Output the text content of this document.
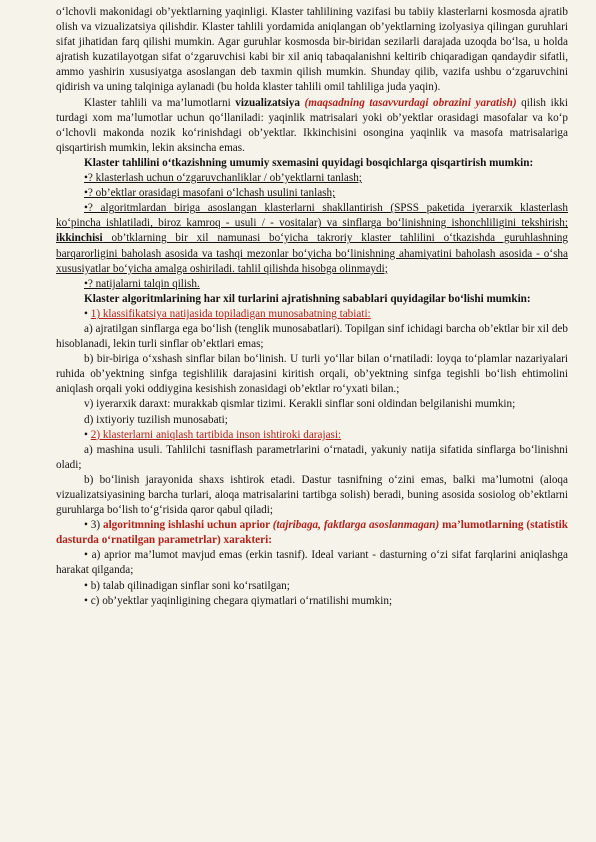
o‘lchovli makonidagi ob’yektlarning yaqinligi. Klaster tahlilining vazifasi bu tabiiy klasterlarni kosmosda ajratib olish va vizualizatsiya qilishdir. Klaster tahlili yordamida aniqlangan ob’yektlarning izolyasiya qilingan guruhlari sifat jihatidan farq qilishi mumkin. Agar guruhlar kosmosda bir-biridan sezilarli darajada uzoqda bo‘lsa, u holda ajratish kuzatilayotgan sifat o‘zgaruvchisi kabi bir xil aniq tabaqalanishni keltirib chiqaradigan qandaydir sifatli, ammo yashirin xususiyatga asoslangan deb taxmin qilish mumkin. Shunday qilib, vazifa ushbu o‘zgaruvchini qidirish va uning talqiniga aylanadi (bu holda klaster tahlili omil tahliliga juda yaqin).

Klaster tahlili va ma’lumotlarni vizualizatsiya (maqsadning tasavvurdagi obrazini yaratish) qilish ikki turdagi xom ma’lumotlar uchun qo‘llaniladi: yaqinlik matrisalari yoki ob’yektlar orasidagi masofalar va ko‘p o‘lchovli makonda nozik ko‘rinishdagi ob’yektlar. Ikkinchisini osongina yaqinlik va masofa matrisalariga qisqartirish mumkin, lekin aksincha emas.

Klaster tahlilini o‘tkazishning umumiy sxemasini quyidagi bosqichlarga qisqartirish mumkin:

•? klasterlash uchun o‘zgaruvchanliklar / ob’yektlarni tanlash;

•? ob’ektlar orasidagi masofani o‘lchash usulini tanlash;

•? algoritmlardan biriga asoslangan klasterlarni shakllantirish (SPSS paketida iyerarxik klasterlash ko‘pincha ishlatiladi, biroz kamroq - usuli / - vositalar) va sinflarga bo‘linishning ishonchliligini tekshirish; ikkinchisi ob’tklarning bir xil namunasi bo‘yicha takroriy klaster tahlilini o‘tkazishda guruhlashning barqarorligini baholash asosida va tashqi mezonlar bo‘yicha bo‘linishning ahamiyatini baholash asosida - o‘sha xususiyatlar bo‘yicha amalga oshiriladi. tahlil qilishda hisobga olinmaydi;

•? natijalarni talqin qilish.

Klaster algoritmlarining har xil turlarini ajratishning sabablari quyidagilar bo‘lishi mumkin:

• 1) klassifikatsiya natijasida topiladigan munosabatning tabiati:

a) ajratilgan sinflarga ega bo‘lish (tenglik munosabatlari). Topilgan sinf ichidagi barcha ob’ektlar bir xil deb hisoblanadi, lekin turli sinflar ob’ektlari emas;

b) bir-biriga o‘xshash sinflar bilan bo‘linish. U turli yo‘llar bilan o‘rnatiladi: loyqa to‘plamlar nazariyalari ruhida ob’yektning sinfga tegishlilik darajasini kiritish orqali, ob’yektning sinfga tegishli bo‘lish ehtimolini aniqlash orqali yoki oddiygina kesishish zonasidagi ob’ektlar ro‘yxati bilan.;

v) iyerarxik daraxt: murakkab qismlar tizimi. Kerakli sinflar soni oldindan belgilanishi mumkin;

d) ixtiyoriy tuzilish munosabati;

• 2) klasterlarni aniqlash tartibida inson ishtiroki darajasi:

a) mashina usuli. Tahlilchi tasniflash parametrlarini o‘rnatadi, yakuniy natija sifatida sinflarga bo‘linishni oladi;

b) bo‘linish jarayonida shaxs ishtirok etadi. Dastur tasnifning o‘zini emas, balki ma’lumotni (aloqa vizualizatsiyasining barcha turlari, aloqa matrisalarini tartibga solish) beradi, buning asosida sosiolog ob’ektlarni guruhlarga bo‘lish to‘g‘risida qaror qabul qiladi;

• 3) algoritmning ishlashi uchun aprior (tajribaga, faktlarga asoslanmagan) ma’lumotlarning (statistik dasturda o‘rnatilgan parametrlar) xarakteri:

• a) aprior ma’lumot mavjud emas (erkin tasnif). Ideal variant - dasturning o‘zi sifat farqlarini aniqlashga harakat qilganda;

• b) talab qilinadigan sinflar soni ko‘rsatilgan;

• c) ob’yektlar yaqinligining chegara qiymatlari o‘rnatilishi mumkin;
